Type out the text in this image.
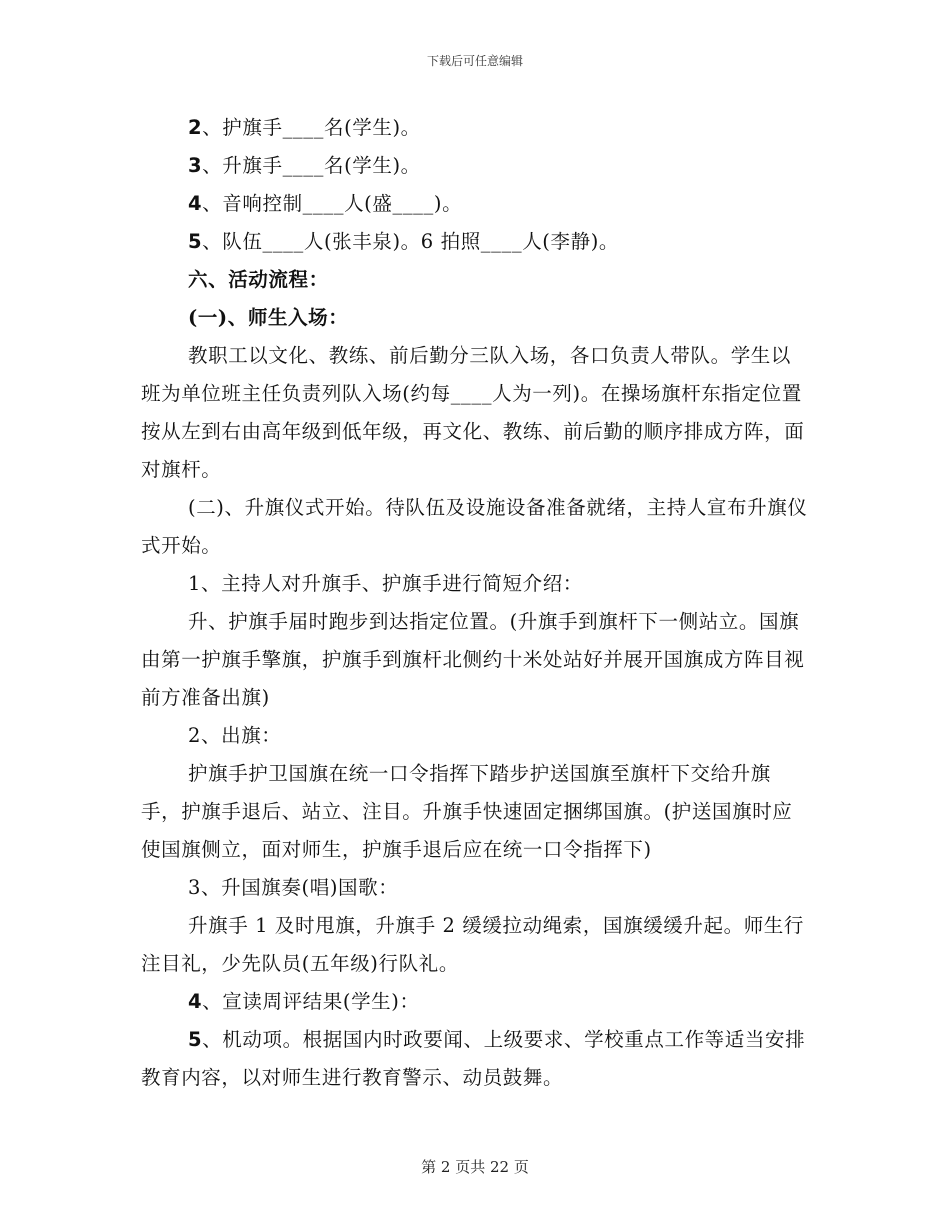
下载后可任意编辑

2、护旗手____名(学生)。

3、升旗手____名(学生)。

4、音响控制____人(盛____)。

5、队伍____人(张丰泉)。6 拍照____人(李静)。

六、活动流程：

(一)、师生入场：

教职工以文化、教练、前后勤分三队入场，各口负责人带队。学生以班为单位班主任负责列队入场(约每____人为一列)。在操场旗杆东指定位置按从左到右由高年级到低年级，再文化、教练、前后勤的顺序排成方阵，面对旗杆。

(二)、升旗仪式开始。待队伍及设施设备准备就绪，主持人宣布升旗仪式开始。

1、主持人对升旗手、护旗手进行简短介绍：

升、护旗手届时跑步到达指定位置。(升旗手到旗杆下一侧站立。国旗由第一护旗手擎旗，护旗手到旗杆北侧约十米处站好并展开国旗成方阵目视前方准备出旗)

2、出旗：

护旗手护卫国旗在统一口令指挥下踏步护送国旗至旗杆下交给升旗手，护旗手退后、站立、注目。升旗手快速固定捆绑国旗。(护送国旗时应使国旗侧立，面对师生，护旗手退后应在统一口令指挥下)

3、升国旗奏(唱)国歌：

升旗手 1 及时甩旗，升旗手 2 缓缓拉动绳索，国旗缓缓升起。师生行注目礼，少先队员(五年级)行队礼。

4、宣读周评结果(学生)：

5、机动项。根据国内时政要闻、上级要求、学校重点工作等适当安排教育内容，以对师生进行教育警示、动员鼓舞。

第 2 页共 22 页
